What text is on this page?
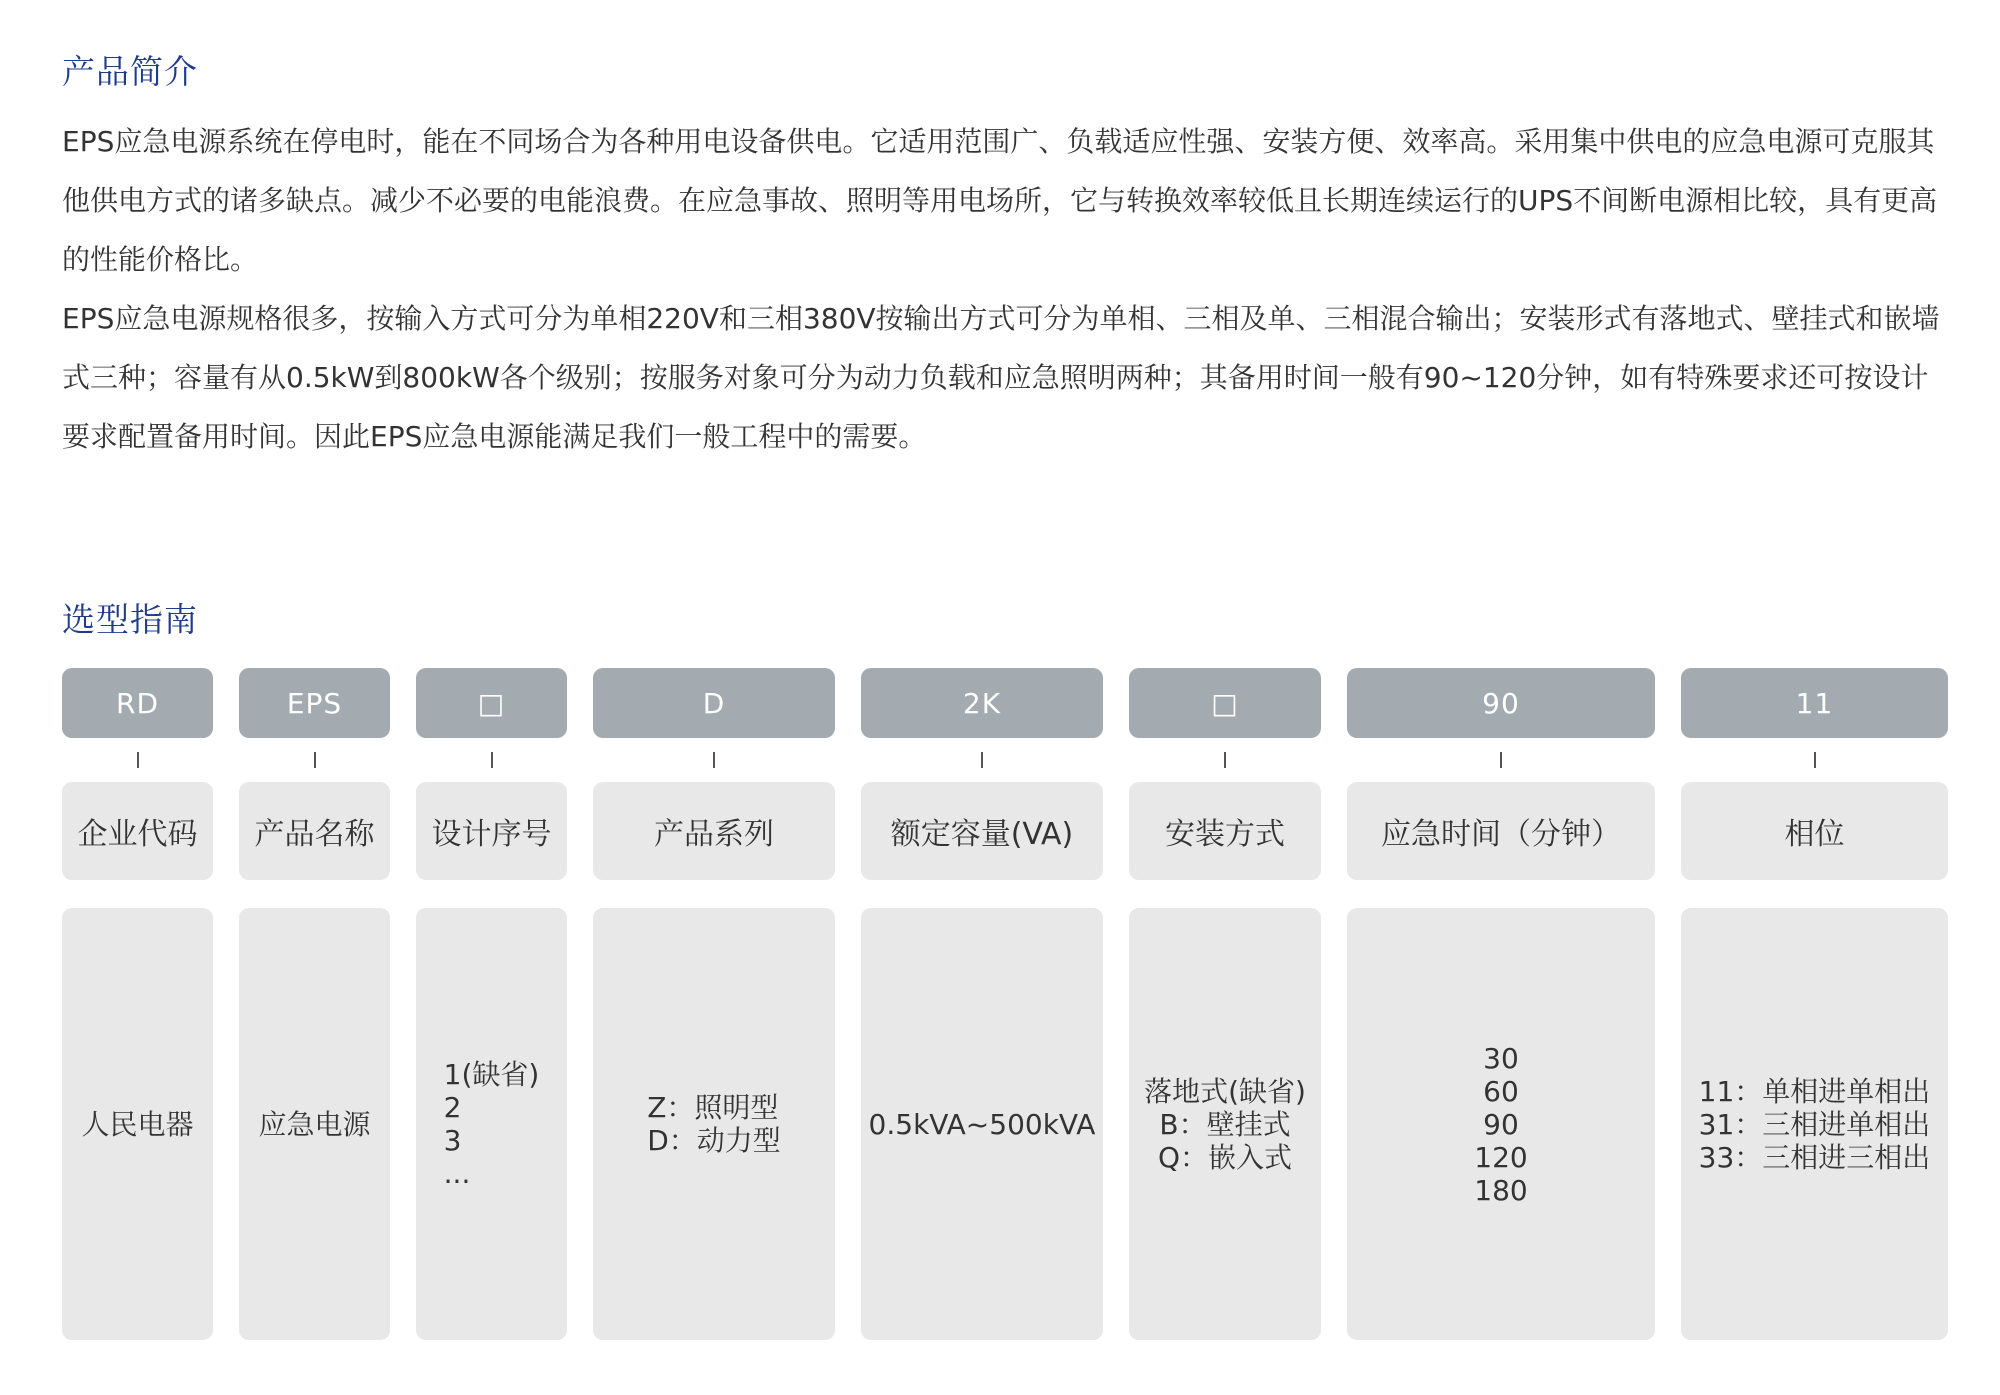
产品简介

EPS应急电源系统在停电时，能在不同场合为各种用电设备供电。它适用范围广、负载适应性强、安装方便、效率高。采用集中供电的应急电源可克服其他供电方式的诸多缺点。减少不必要的电能浪费。在应急事故、照明等用电场所，它与转换效率较低且长期连续运行的UPS不间断电源相比较，具有更高的性能价格比。

EPS应急电源规格很多，按输入方式可分为单相220V和三相380V按输出方式可分为单相、三相及单、三相混合输出；安装形式有落地式、壁挂式和嵌墙式三种；容量有从0.5kW到800kW各个级别；按服务对象可分为动力负载和应急照明两种；其备用时间一般有90~120分钟，如有特殊要求还可按设计要求配置备用时间。因此EPS应急电源能满足我们一般工程中的需要。

选型指南
RD
企业代码
人民电器
EPS
产品名称
应急电源
□
设计序号
1(缺省)
2
3
...
D
产品系列
Z：照明型
D：动力型
2K
额定容量(VA)
0.5kVA~500kVA
□
安装方式
落地式(缺省)
B：壁挂式
Q：嵌入式
90
应急时间（分钟）
30
60
90
120
180
11
相位
11：单相进单相出
31：三相进单相出
33：三相进三相出
